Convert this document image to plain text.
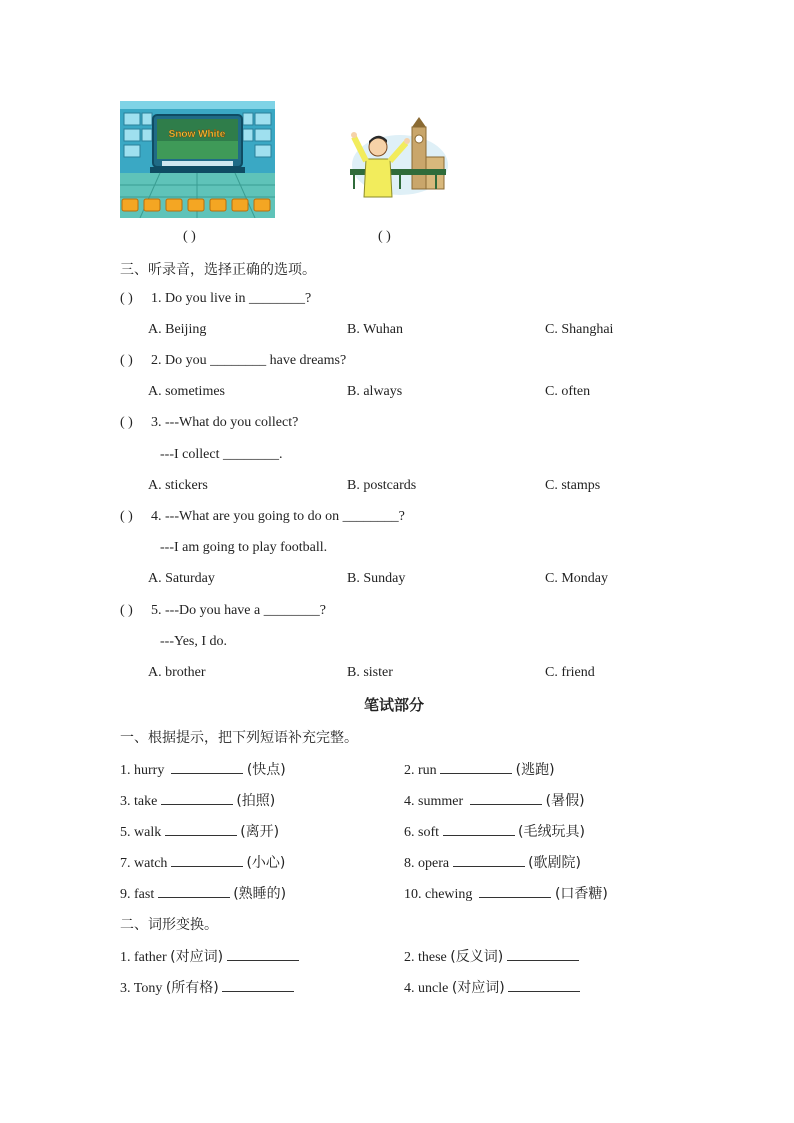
Snow White
( )	( )
三、听录音，选择正确的选项。
( ) 1. Do you live in ________?
A. Beijing	B. Wuhan	C. Shanghai
( ) 2. Do you ________ have dreams?
A. sometimes	B. always	C. often
( ) 3. ---What do you collect?
---I collect ________.
A. stickers	B. postcards	C. stamps
( ) 4. ---What are you going to do on ________?
---I am going to play football.
A. Saturday	B. Sunday	C. Monday
( ) 5. ---Do you have a ________?
---Yes, I do.
A. brother	B. sister	C. friend
笔试部分
一、根据提示，把下列短语补充完整。
1. hurry	(快点)	2. run	(逃跑)
3. take	(拍照)	4. summer	(暑假)
5. walk	(离开)	6. soft	(毛绒玩具)
7. watch	(小心)	8. opera	(歌剧院)
9. fast	(熟睡的)	10. chewing	(口香糖)
二、词形变换。
1. father (对应词)	2. these (反义词)
3. Tony (所有格)	4. uncle (对应词)
